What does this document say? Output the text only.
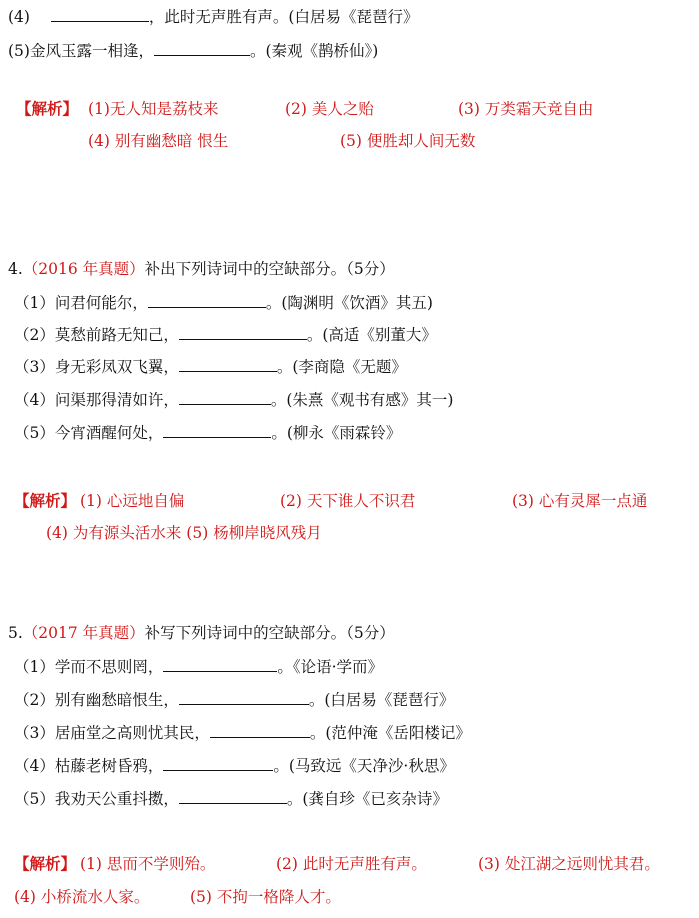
(4)	，此时无声胜有声。(白居易《琵琶行》
(5)金风玉露一相逢，	。(秦观《鹊桥仙》)
【解析】 (1)无人知是荔枝来	(2) 美人之贻	(3) 万类霜天竞自由
(4) 别有幽愁暗 恨生	(5) 便胜却人间无数
4.（2016 年真题）补出下列诗词中的空缺部分。（5分）
（1）问君何能尔，	。(陶渊明《饮酒》其五)
（2）莫愁前路无知己，	。(高适《别董大》
（3）身无彩凤双飞翼，	。(李商隐《无题》
（4）问渠那得清如许，	。(朱熹《观书有感》其一)
（5）今宵酒醒何处，	。(柳永《雨霖铃》
【解析】 (1) 心远地自偏	(2) 天下谁人不识君	(3) 心有灵犀一点通
(4) 为有源头活水来 (5) 杨柳岸晓风残月
5.（2017 年真题）补写下列诗词中的空缺部分。（5分）
（1）学而不思则罔，	。《论语·学而》
（2）别有幽愁暗恨生，	。(白居易《琵琶行》
（3）居庙堂之高则忧其民，	。(范仲淹《岳阳楼记》
（4）枯藤老树昏鸦，	。(马致远《天净沙·秋思》
（5）我劝天公重抖擞，	。(龚自珍《已亥杂诗》
【解析】 (1) 思而不学则殆。	(2) 此时无声胜有声。	(3) 处江湖之远则忧其君。
(4) 小桥流水人家。	(5) 不拘一格降人才。
